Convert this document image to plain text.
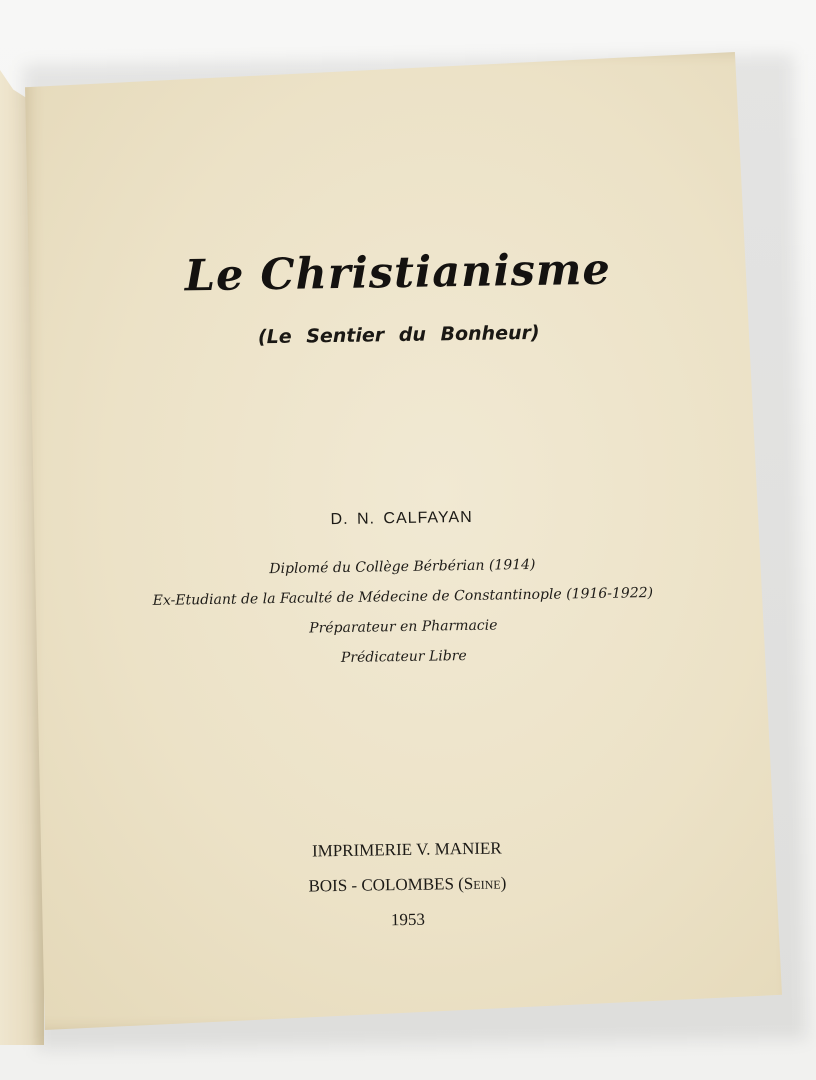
Le Christianisme
(Le Sentier du Bonheur)
D. N. CALFAYAN
Diplomé du Collège Bérbérian (1914)
Ex-Etudiant de la Faculté de Médecine de Constantinople (1916-1922)
Préparateur en Pharmacie
Prédicateur Libre
IMPRIMERIE V. MANIER
BOIS - COLOMBES (Seine)
1953
